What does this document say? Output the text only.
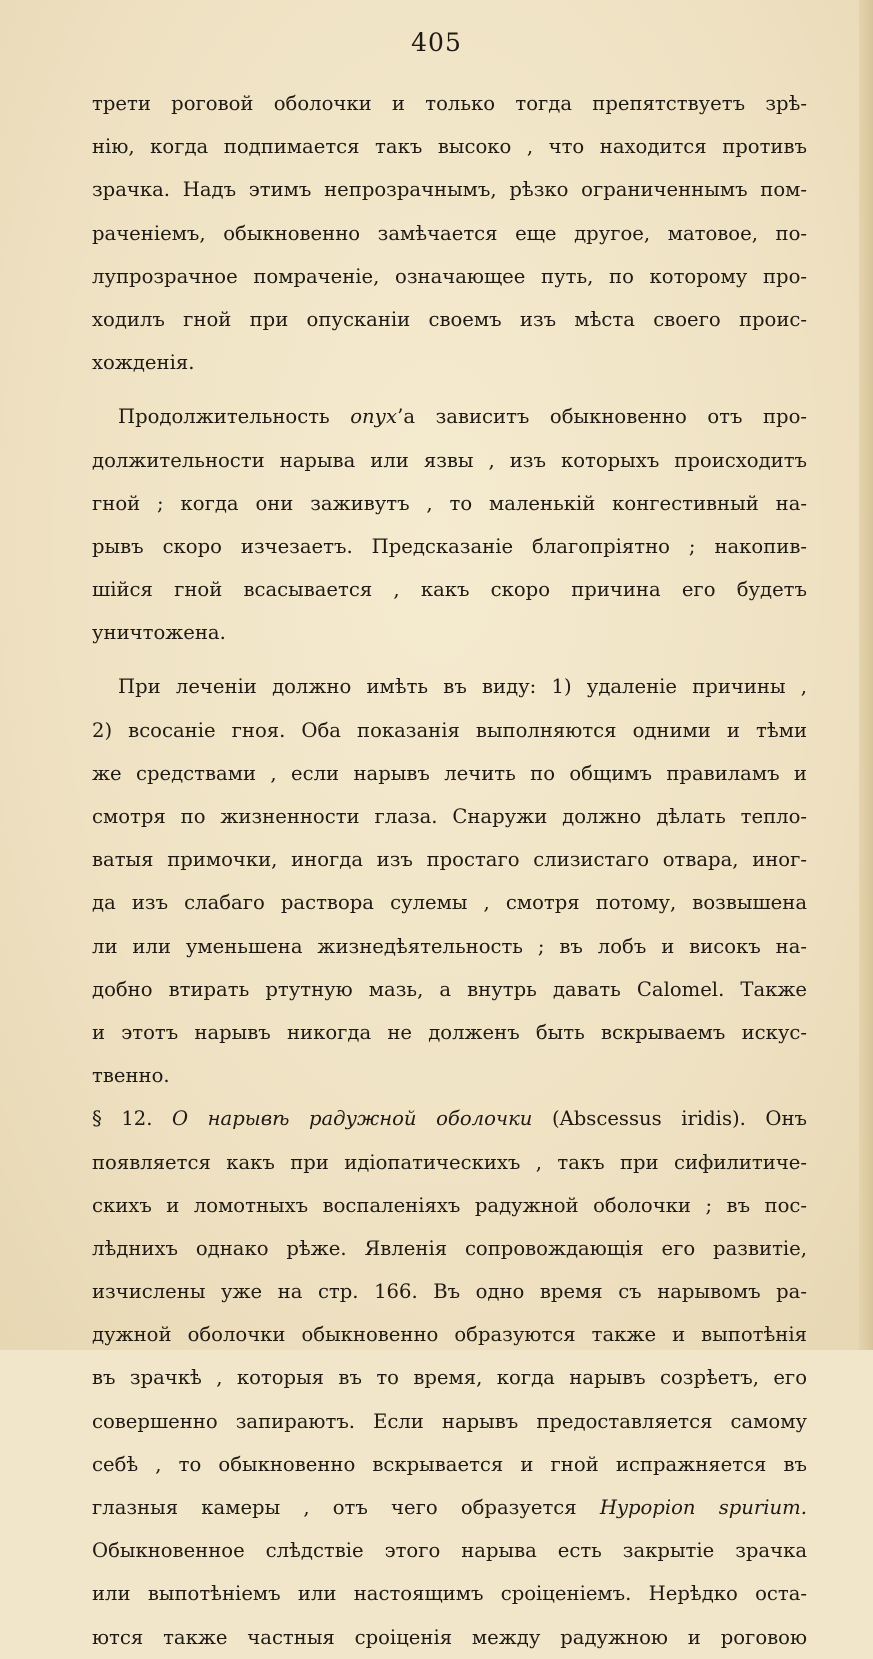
405
трети роговой оболочки и только тогда препятствуетъ зрѣ-
нію, когда подпимается такъ высоко , что находится противъ
зрачка. Надъ этимъ непрозрачнымъ, рѣзко ограниченнымъ пом-
раченіемъ, обыкновенно замѣчается еще другое, матовое, по-
лупрозрачное помраченіе, означающее путь, по которому про-
ходилъ гной при опусканіи своемъ изъ мѣста своего проис-
хожденія.
Продолжительность опух’а зависитъ обыкновенно отъ про-
должительности нарыва или язвы , изъ которыхъ происходитъ
гной ; когда они заживутъ , то маленькій конгестивный на-
рывъ скоро изчезаетъ. Предсказаніе благопріятно ; накопив-
шійся гной всасывается , какъ скоро причина его будетъ
уничтожена.
При леченіи должно имѣть въ виду: 1) удаленіе причины ,
2) всосаніе гноя. Оба показанія выполняются одними и тѣми
же средствами , если нарывъ лечить по общимъ правиламъ и
смотря по жизненности глаза. Снаружи должно дѣлать тепло-
ватыя примочки, иногда изъ простаго слизистаго отвара, иног-
да изъ слабаго раствора сулемы , смотря потому, возвышена
ли или уменьшена жизнедѣятельность ; въ лобъ и високъ на-
добно втирать ртутную мазь, а внутрь давать Calomel. Также
и этотъ нарывъ никогда не долженъ быть вскрываемъ искус-
твенно.
§ 12. О нарывѣ радужной оболочки (Abscessus iridis). Онъ
появляется какъ при идіопатическихъ , такъ при сифилитиче-
скихъ и ломотныхъ воспаленіяхъ радужной оболочки ; въ пос-
лѣднихъ однако рѣже. Явленія сопровождающія его развитіе,
изчислены уже на стр. 166. Въ одно время съ нарывомъ ра-
дужной оболочки обыкновенно образуются также и выпотѣнія
въ зрачкѣ , которыя въ то время, когда нарывъ созрѣетъ, его
совершенно запираютъ. Если нарывъ предоставляется самому
себѣ , то обыкновенно вскрывается и гной испражняется въ
глазныя камеры , отъ чего образуется Hypopion spurium.
Обыкновенное слѣдствіе этого нарыва есть закрытіе зрачка
или выпотѣніемъ или настоящимъ сроіценіемъ. Нерѣдко оста-
ются также частныя сроіценія между радужною и роговою
